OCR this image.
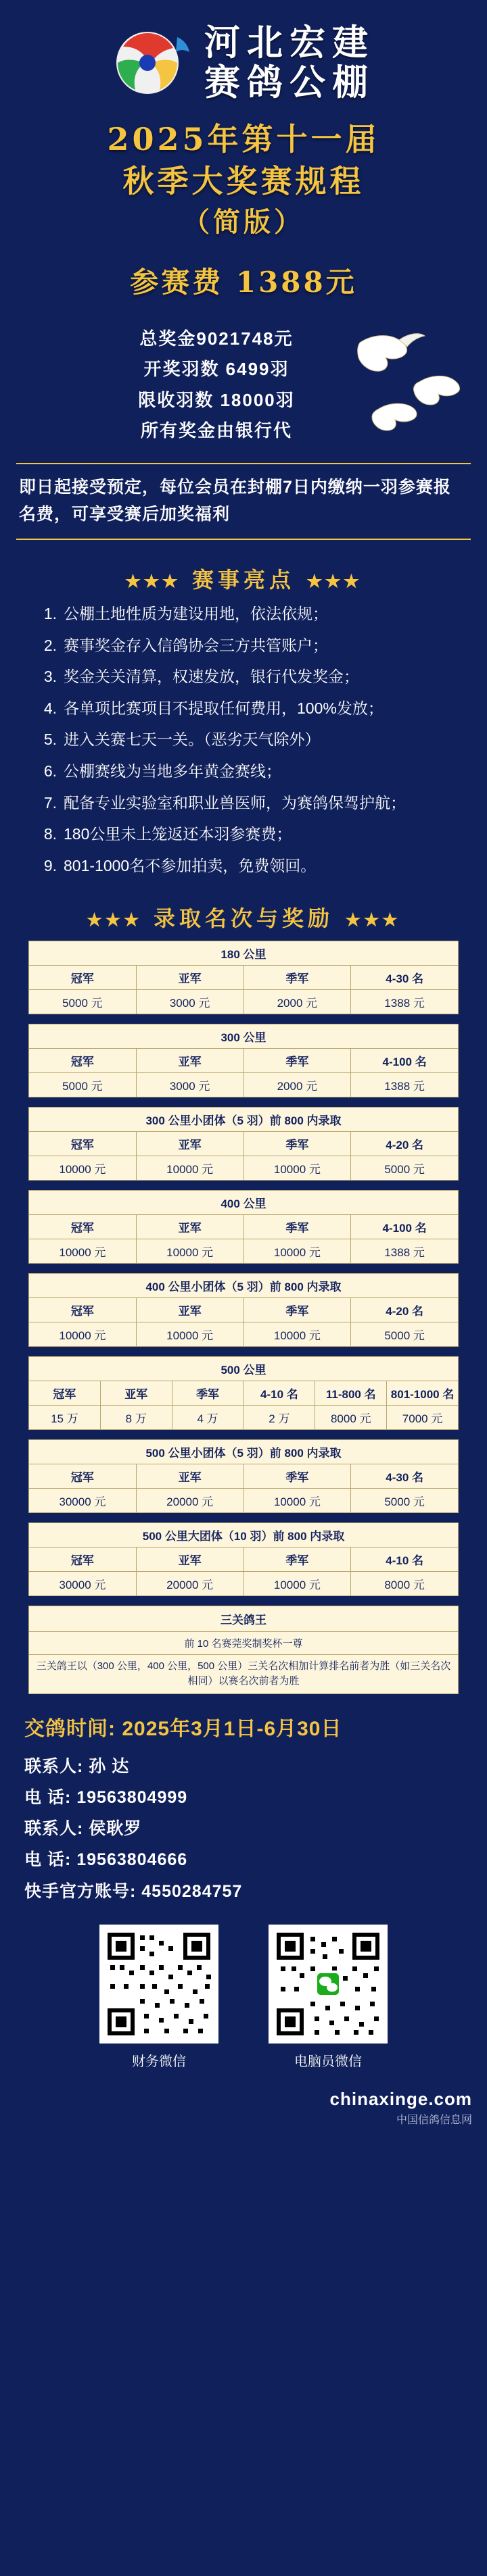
河北宏建
赛鸽公棚
2025年第十一届
秋季大奖赛规程
（简版）
参赛费 1388元
总奖金9021748元
开奖羽数 6499羽
限收羽数 18000羽
所有奖金由银行代
即日起接受预定，每位会员在封棚7日内缴纳一羽参赛报名费，可享受赛后加奖福利
★★★ 赛事亮点 ★★★
1. 公棚土地性质为建设用地，依法依规；
2. 赛事奖金存入信鸽协会三方共管账户；
3. 奖金关关清算，权速发放，银行代发奖金；
4. 各单项比赛项目不提取任何费用，100%发放；
5. 进入关赛七天一关。（恶劣天气除外）
6. 公棚赛线为当地多年黄金赛线；
7. 配备专业实验室和职业兽医师，为赛鸽保驾护航；
8. 180公里未上笼返还本羽参赛费；
9. 801-1000名不参加拍卖，免费领回。
★★★ 录取名次与奖励 ★★★
180 公里			
冠军	亚军	季军	4-30 名
5000 元	3000 元	2000 元	1388 元
300 公里			
冠军	亚军	季军	4-100 名
5000 元	3000 元	2000 元	1388 元
300 公里小团体（5 羽）前 800 内录取			
冠军	亚军	季军	4-20 名
10000 元	10000 元	10000 元	5000 元
400 公里			
冠军	亚军	季军	4-100 名
10000 元	10000 元	10000 元	1388 元
400 公里小团体（5 羽）前 800 内录取			
冠军	亚军	季军	4-20 名
10000 元	10000 元	10000 元	5000 元
500 公里					
冠军	亚军	季军	4-10 名	11-800 名	801-1000 名
15 万	8 万	4 万	2 万	8000 元	7000 元
500 公里小团体（5 羽）前 800 内录取			
冠军	亚军	季军	4-30 名
30000 元	20000 元	10000 元	5000 元
500 公里大团体（10 羽）前 800 内录取			
冠军	亚军	季军	4-10 名
30000 元	20000 元	10000 元	8000 元
三关鸽王
前 10 名赛莞奖制奖杯一尊
三关鸽王以（300 公里，400 公里，500 公里）三关名次相加计算排名前者为胜（如三关名次相同）以赛名次前者为胜
交鸽时间: 2025年3月1日-6月30日
联系人: 孙 达
电 话: 19563804999
联系人: 侯耿罗
电 话: 19563804666
快手官方账号: 4550284757
财务微信	电脑员微信
chinaxinge.com
中国信鸽信息网
